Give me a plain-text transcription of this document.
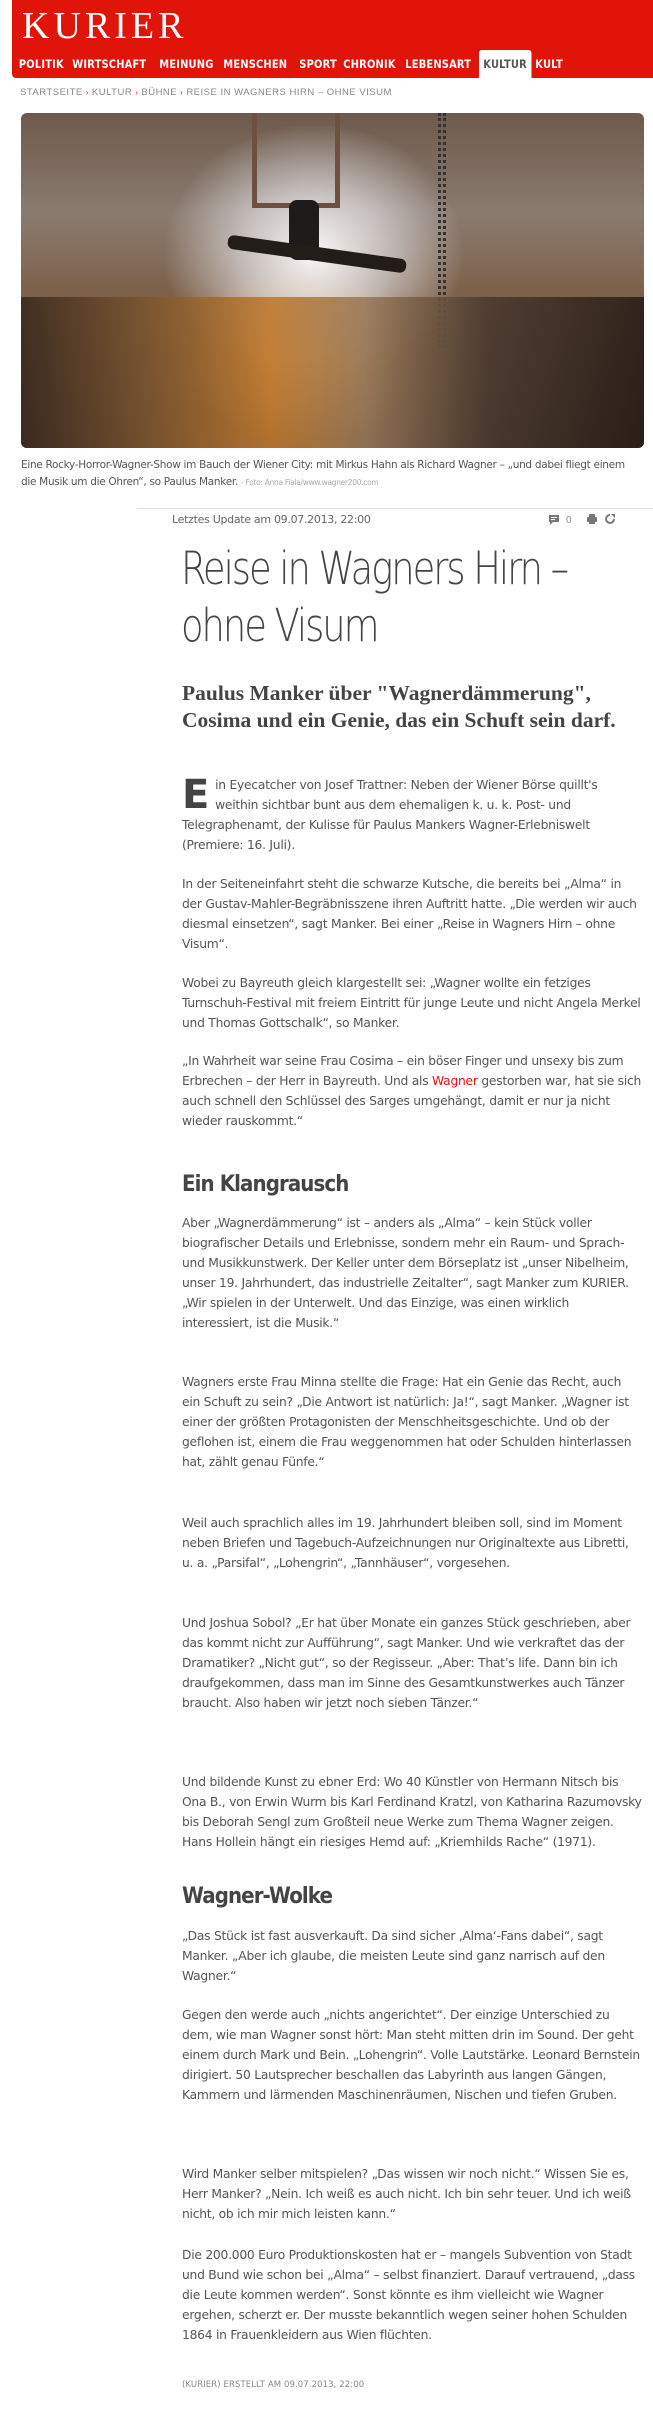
KURIER
POLITIK WIRTSCHAFT	MEINUNG MENSCHEN SPORT CHRONIK LEBENSART	KULTUR KULT
STARTSEITE › KULTUR › BÜHNE › REISE IN WAGNERS HIRN – OHNE VISUM
Eine Rocky-Horror-Wagner-Show im Bauch der Wiener City: mit Mirkus Hahn als Richard Wagner – „und dabei fliegt einem die Musik um die Ohren“, so Paulus Manker. - Foto: Anna Fiala/www.wagner200.com
Letztes Update am 09.07.2013, 22:00	0
Reise in Wagners Hirn – ohne Visum
Paulus Manker über "Wagnerdämmerung", Cosima und ein Genie, das ein Schuft sein darf.
Ein Eyecatcher von Josef Trattner: Neben der Wiener Börse quillt's weithin sichtbar bunt aus dem ehemaligen k. u. k. Post- und Telegraphenamt, der Kulisse für Paulus Mankers Wagner-Erlebniswelt (Premiere: 16. Juli).

In der Seiteneinfahrt steht die schwarze Kutsche, die bereits bei „Alma“ in der Gustav-Mahler-Begräbnisszene ihren Auftritt hatte. „Die werden wir auch diesmal einsetzen“, sagt Manker. Bei einer „Reise in Wagners Hirn – ohne Visum“.

Wobei zu Bayreuth gleich klargestellt sei: „Wagner wollte ein fetziges Turnschuh-Festival mit freiem Eintritt für junge Leute und nicht Angela Merkel und Thomas Gottschalk“, so Manker.

„In Wahrheit war seine Frau Cosima – ein böser Finger und unsexy bis zum Erbrechen – der Herr in Bayreuth. Und als Wagner gestorben war, hat sie sich auch schnell den Schlüssel des Sarges umgehängt, damit er nur ja nicht wieder rauskommt.“

Ein Klangrausch

Aber „Wagnerdämmerung“ ist – anders als „Alma“ – kein Stück voller biografischer Details und Erlebnisse, sondern mehr ein Raum- und Sprach- und Musikkunstwerk. Der Keller unter dem Börseplatz ist „unser Nibelheim, unser 19. Jahrhundert, das industrielle Zeitalter“, sagt Manker zum KURIER. „Wir spielen in der Unterwelt. Und das Einzige, was einen wirklich interessiert, ist die Musik.“

Wagners erste Frau Minna stellte die Frage: Hat ein Genie das Recht, auch ein Schuft zu sein? „Die Antwort ist natürlich: Ja!“, sagt Manker. „Wagner ist einer der größten Protagonisten der Menschheitsgeschichte. Und ob der geflohen ist, einem die Frau weggenommen hat oder Schulden hinterlassen hat, zählt genau Fünfe.“

Weil auch sprachlich alles im 19. Jahrhundert bleiben soll, sind im Moment neben Briefen und Tagebuch-Aufzeichnungen nur Originaltexte aus Libretti, u. a. „Parsifal“, „Lohengrin“, „Tannhäuser“, vorgesehen.

Und Joshua Sobol? „Er hat über Monate ein ganzes Stück geschrieben, aber das kommt nicht zur Aufführung“, sagt Manker. Und wie verkraftet das der Dramatiker? „Nicht gut“, so der Regisseur. „Aber: That’s life. Dann bin ich draufgekommen, dass man im Sinne des Gesamtkunstwerkes auch Tänzer braucht. Also haben wir jetzt noch sieben Tänzer.“

Und bildende Kunst zu ebner Erd: Wo 40 Künstler von Hermann Nitsch bis Ona B., von Erwin Wurm bis Karl Ferdinand Kratzl, von Katharina Razumovsky bis Deborah Sengl zum Großteil neue Werke zum Thema Wagner zeigen. Hans Hollein hängt ein riesiges Hemd auf: „Kriemhilds Rache“ (1971).

Wagner-Wolke

„Das Stück ist fast ausverkauft. Da sind sicher ‚Alma‘-Fans dabei“, sagt Manker. „Aber ich glaube, die meisten Leute sind ganz narrisch auf den Wagner.“

Gegen den werde auch „nichts angerichtet“. Der einzige Unterschied zu dem, wie man Wagner sonst hört: Man steht mitten drin im Sound. Der geht einem durch Mark und Bein. „Lohengrin“. Volle Lautstärke. Leonard Bernstein dirigiert. 50 Lautsprecher beschallen das Labyrinth aus langen Gängen, Kammern und lärmenden Maschinenräumen, Nischen und tiefen Gruben.

Wird Manker selber mitspielen? „Das wissen wir noch nicht.“ Wissen Sie es, Herr Manker? „Nein. Ich weiß es auch nicht. Ich bin sehr teuer. Und ich weiß nicht, ob ich mir mich leisten kann.“

Die 200.000 Euro Produktionskosten hat er – mangels Subvention von Stadt und Bund wie schon bei „Alma“ – selbst finanziert. Darauf vertrauend, „dass die Leute kommen werden“. Sonst könnte es ihm vielleicht wie Wagner ergehen, scherzt er. Der musste bekanntlich wegen seiner hohen Schulden 1864 in Frauenkleidern aus Wien flüchten.

(KURIER) ERSTELLT AM 09.07.2013, 22:00
